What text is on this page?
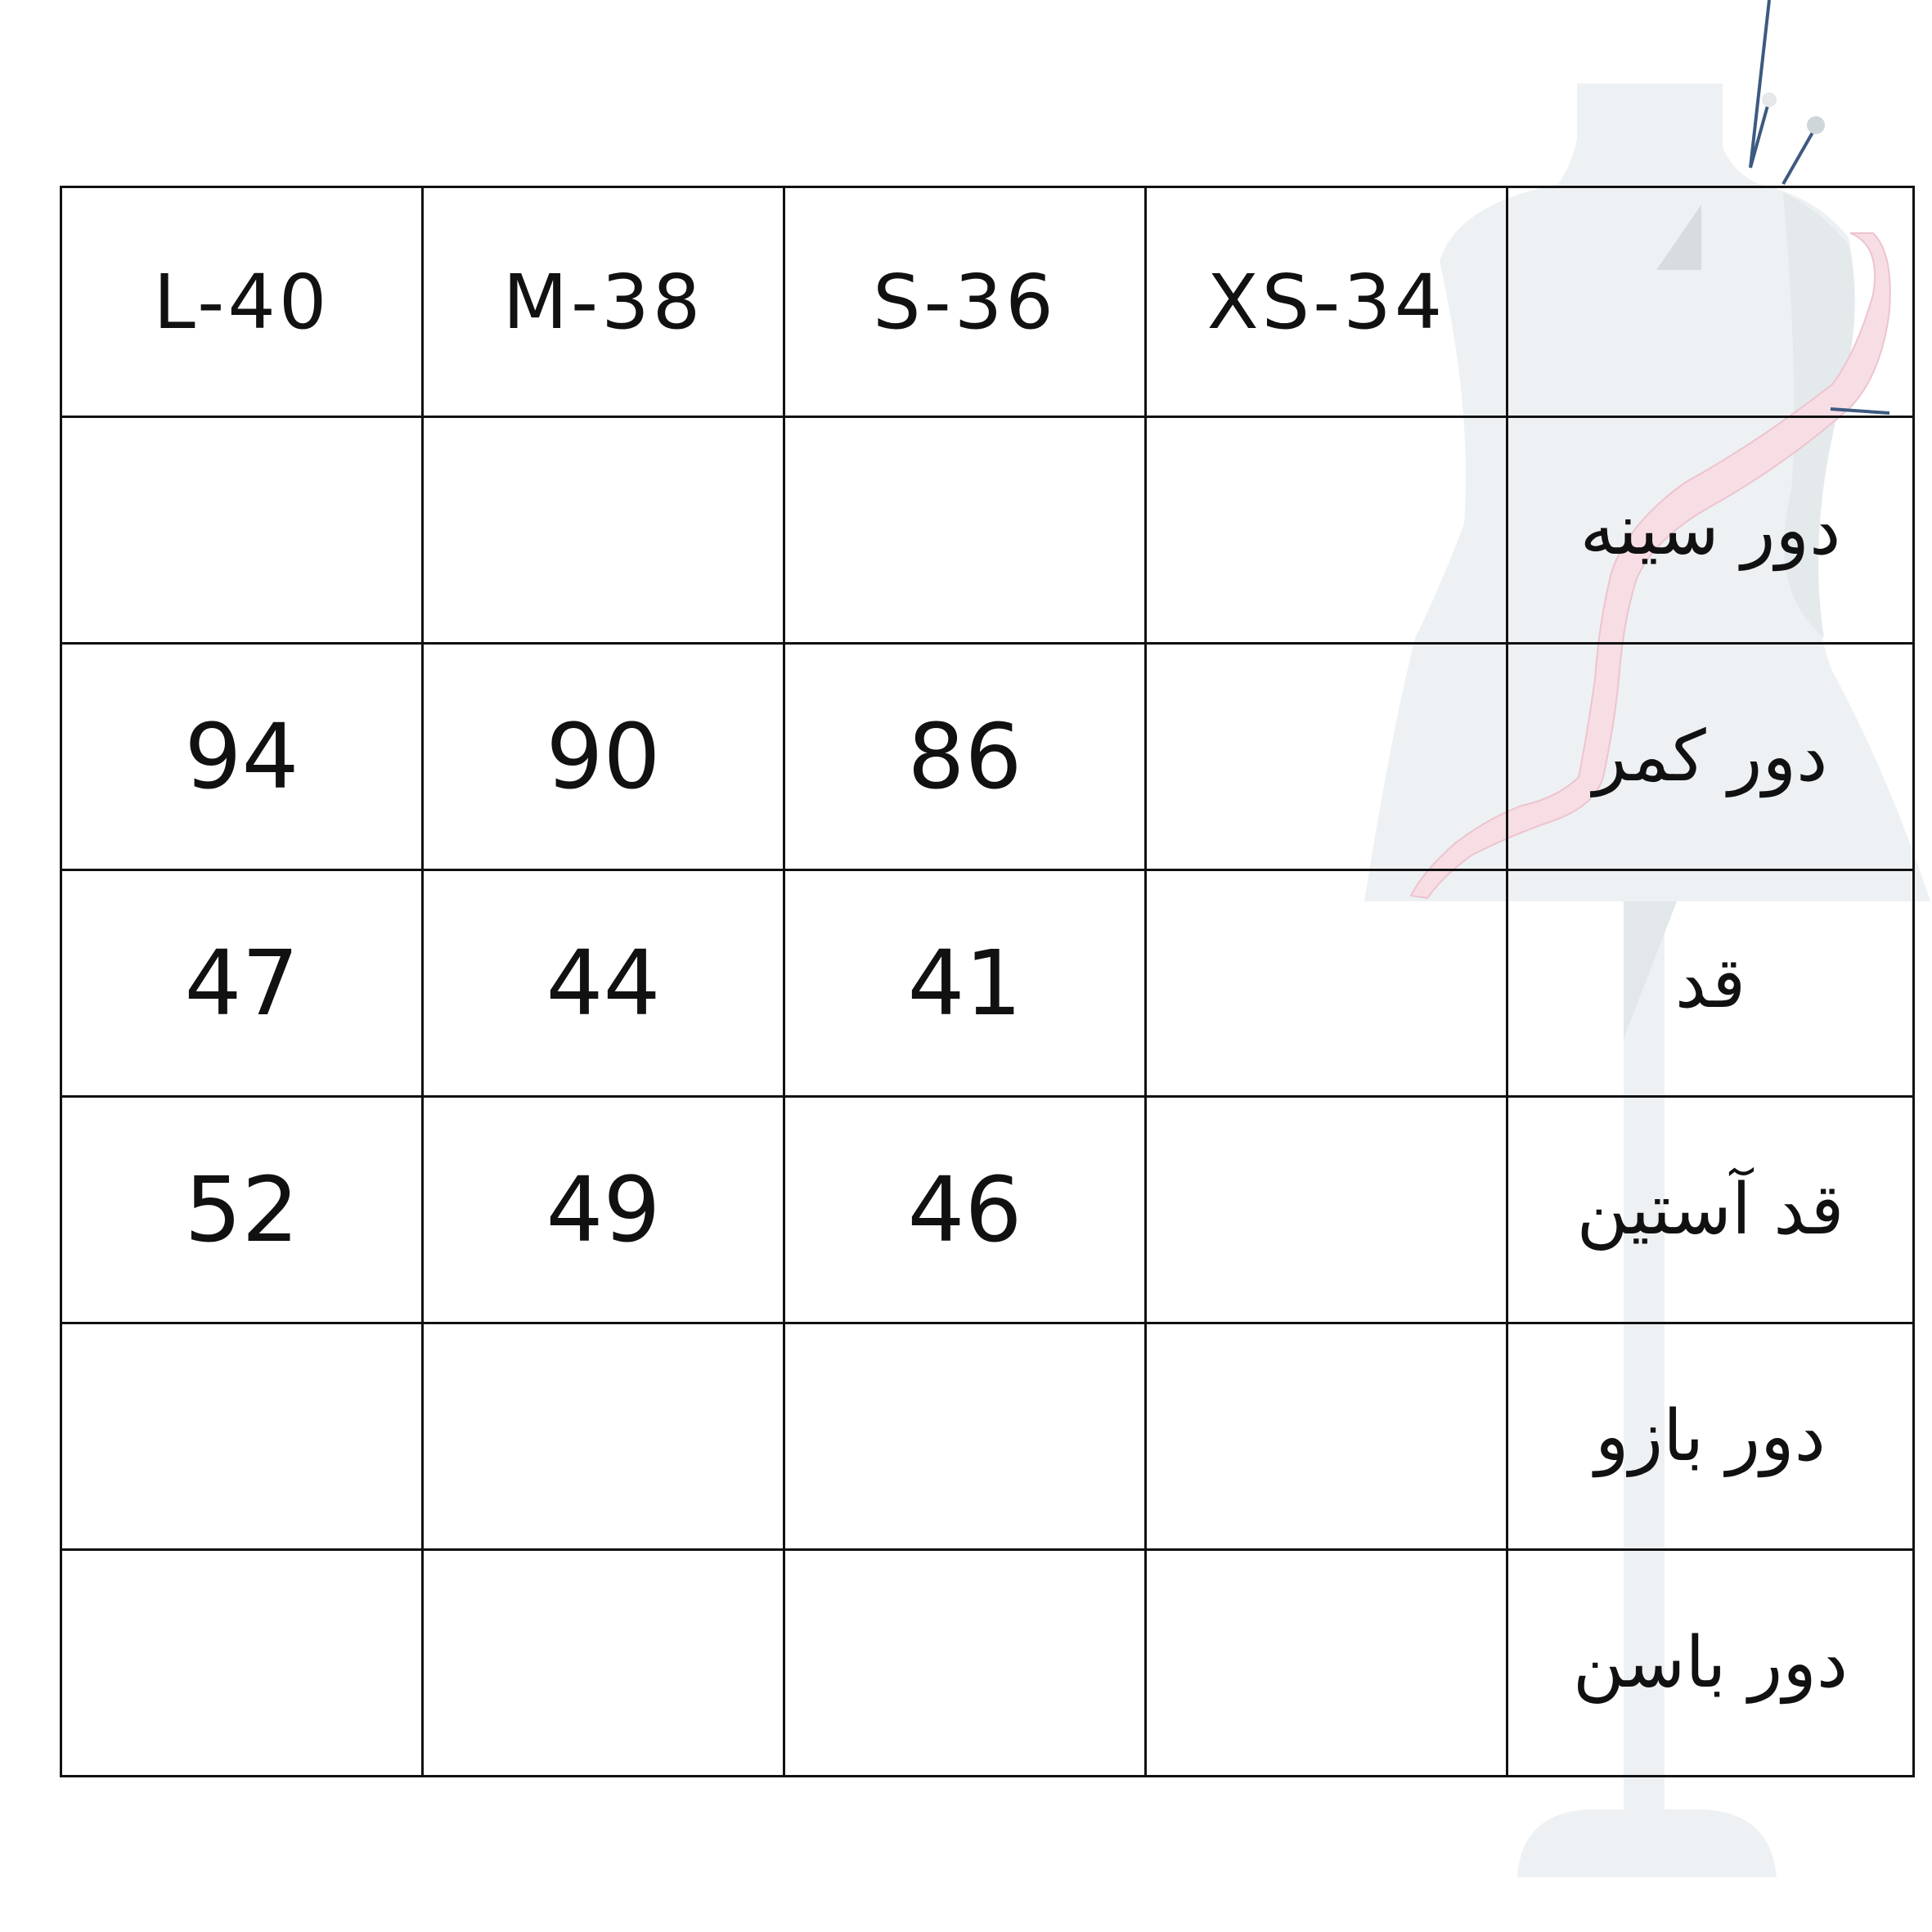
L-40	M-38	S-36	XS-34	
				دور سینه
94	90	86		دور کمر
47	44	41		قد
52	49	46		قد آستین
				دور بازو
				دور باسن
